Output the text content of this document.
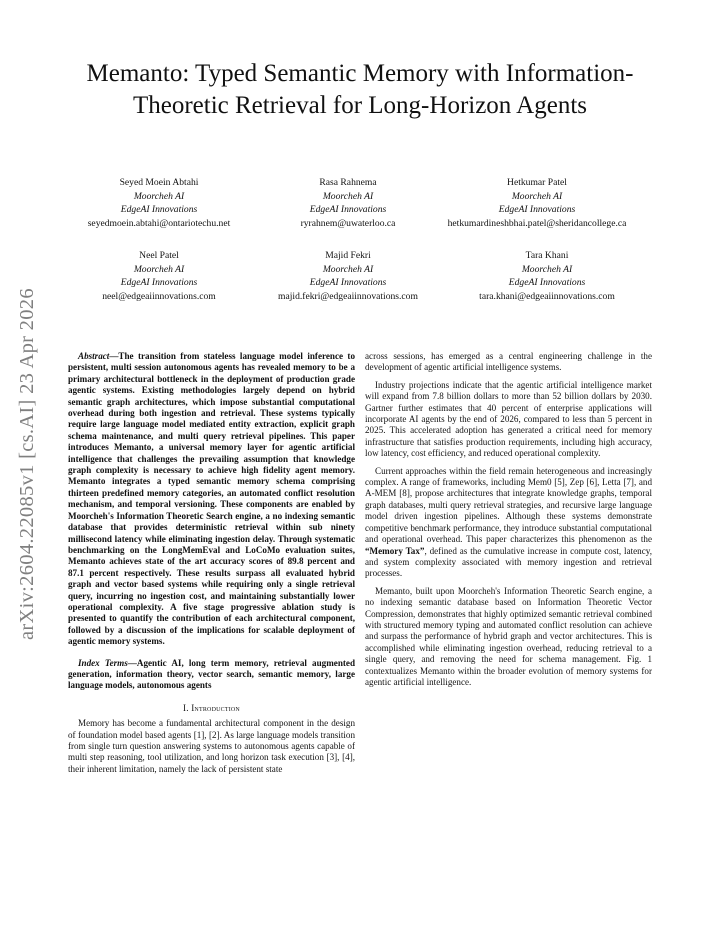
Memanto: Typed Semantic Memory with Information-Theoretic Retrieval for Long-Horizon Agents
Seyed Moein Abtahi
Moorcheh AI
EdgeAI Innovations
seyedmoein.abtahi@ontariotechu.net
Rasa Rahnema
Moorcheh AI
EdgeAI Innovations
ryrahnem@uwaterloo.ca
Hetkumar Patel
Moorcheh AI
EdgeAI Innovations
hetkumardineshbhai.patel@sheridancollege.ca
Neel Patel
Moorcheh AI
EdgeAI Innovations
neel@edgeaiinnovations.com
Majid Fekri
Moorcheh AI
EdgeAI Innovations
majid.fekri@edgeaiinnovations.com
Tara Khani
Moorcheh AI
EdgeAI Innovations
tara.khani@edgeaiinnovations.com
arXiv:2604.22085v1 [cs.AI] 23 Apr 2026	Abstract—The transition from stateless language model inference to persistent, multi session autonomous agents has revealed memory to be a primary architectural bottleneck in the deployment of production grade agentic systems. Existing methodologies largely depend on hybrid semantic graph architectures, which impose substantial computational overhead during both ingestion and retrieval. These systems typically require large language model mediated entity extraction, explicit graph schema maintenance, and multi query retrieval pipelines. This paper introduces Memanto, a universal memory layer for agentic artificial intelligence that challenges the prevailing assumption that knowledge graph complexity is necessary to achieve high fidelity agent memory. Memanto integrates a typed semantic memory schema comprising thirteen predefined memory categories, an automated conflict resolution mechanism, and temporal versioning. These components are enabled by Moorcheh's Information Theoretic Search engine, a no indexing semantic database that provides deterministic retrieval within sub ninety millisecond latency while eliminating ingestion delay. Through systematic benchmarking on the LongMemEval and LoCoMo evaluation suites, Memanto achieves state of the art accuracy scores of 89.8 percent and 87.1 percent respectively. These results surpass all evaluated hybrid graph and vector based systems while requiring only a single retrieval query, incurring no ingestion cost, and maintaining substantially lower operational complexity. A five stage progressive ablation study is presented to quantify the contribution of each architectural component, followed by a discussion of the implications for scalable deployment of agentic memory systems.

Index Terms—Agentic AI, long term memory, retrieval augmented generation, information theory, vector search, semantic memory, large language models, autonomous agents

I. Introduction

Memory has become a fundamental architectural component in the design of foundation model based agents [1], [2]. As large language models transition from single turn question answering systems to autonomous agents capable of multi step reasoning, tool utilization, and long horizon task execution [3], [4], their inherent limitation, namely the lack of persistent state

across sessions, has emerged as a central engineering challenge in the development of agentic artificial intelligence systems.

Industry projections indicate that the agentic artificial intelligence market will expand from 7.8 billion dollars to more than 52 billion dollars by 2030. Gartner further estimates that 40 percent of enterprise applications will incorporate AI agents by the end of 2026, compared to less than 5 percent in 2025. This accelerated adoption has generated a critical need for memory infrastructure that satisfies production requirements, including high accuracy, low latency, cost efficiency, and reduced operational complexity.

Current approaches within the field remain heterogeneous and increasingly complex. A range of frameworks, including Mem0 [5], Zep [6], Letta [7], and A-MEM [8], propose architectures that integrate knowledge graphs, temporal graph databases, multi query retrieval strategies, and recursive large language model driven ingestion pipelines. Although these systems demonstrate competitive benchmark performance, they introduce substantial computational and operational overhead. This paper characterizes this phenomenon as the “Memory Tax”, defined as the cumulative increase in compute cost, latency, and system complexity associated with memory ingestion and retrieval processes.

Memanto, built upon Moorcheh's Information Theoretic Search engine, a no indexing semantic database based on Information Theoretic Vector Compression, demonstrates that highly optimized semantic retrieval combined with structured memory typing and automated conflict resolution can achieve and surpass the performance of hybrid graph and vector architectures. This is accomplished while eliminating ingestion overhead, reducing retrieval to a single query, and removing the need for schema management. Fig. 1 contextualizes Memanto within the broader evolution of memory systems for agentic artificial intelligence.
